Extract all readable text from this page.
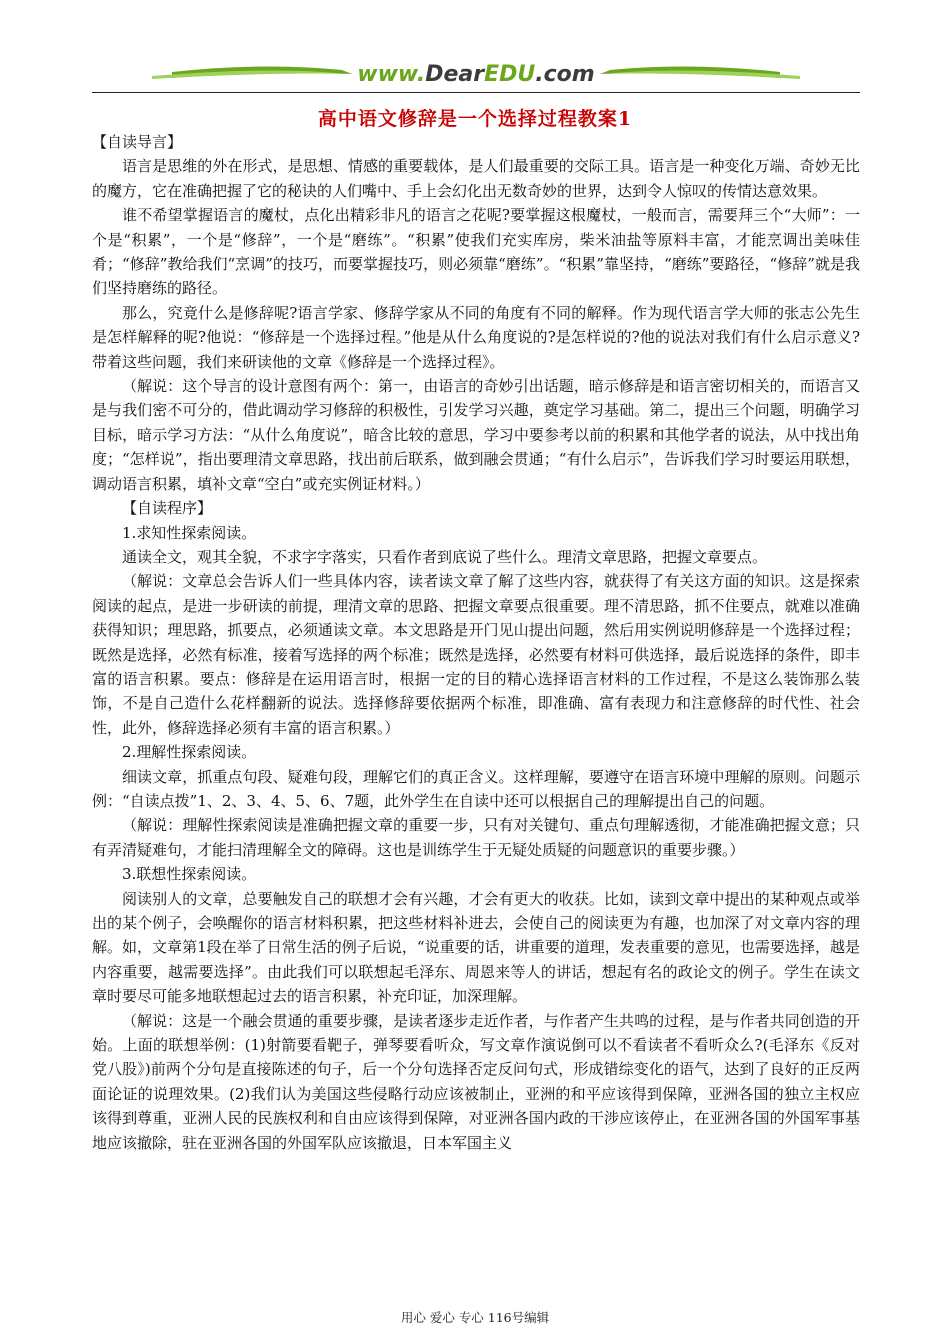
www.DearEDU.com
高中语文修辞是一个选择过程教案1

【自读导言】

语言是思维的外在形式，是思想、情感的重要载体，是人们最重要的交际工具。语言是一种变化万端、奇妙无比的魔方，它在准确把握了它的秘诀的人们嘴中、手上会幻化出无数奇妙的世界，达到令人惊叹的传情达意效果。

谁不希望掌握语言的魔杖，点化出精彩非凡的语言之花呢?要掌握这根魔杖，一般而言，需要拜三个“大师”：一个是“积累”，一个是“修辞”，一个是“磨练”。“积累”使我们充实库房，柴米油盐等原料丰富，才能烹调出美味佳肴；“修辞”教给我们“烹调”的技巧，而要掌握技巧，则必须靠“磨练”。“积累”靠坚持，“磨练”要路径，“修辞”就是我们坚持磨练的路径。

那么，究竟什么是修辞呢?语言学家、修辞学家从不同的角度有不同的解释。作为现代语言学大师的张志公先生是怎样解释的呢?他说：“修辞是一个选择过程。”他是从什么角度说的?是怎样说的?他的说法对我们有什么启示意义?带着这些问题，我们来研读他的文章《修辞是一个选择过程》。

（解说：这个导言的设计意图有两个：第一，由语言的奇妙引出话题，暗示修辞是和语言密切相关的，而语言又是与我们密不可分的，借此调动学习修辞的积极性，引发学习兴趣，奠定学习基础。第二，提出三个问题，明确学习目标，暗示学习方法：“从什么角度说”，暗含比较的意思，学习中要参考以前的积累和其他学者的说法，从中找出角度；“怎样说”，指出要理清文章思路，找出前后联系，做到融会贯通；“有什么启示”，告诉我们学习时要运用联想，调动语言积累，填补文章“空白”或充实例证材料。）

【自读程序】

1.求知性探索阅读。

通读全文，观其全貌，不求字字落实，只看作者到底说了些什么。理清文章思路，把握文章要点。

（解说：文章总会告诉人们一些具体内容，读者读文章了解了这些内容，就获得了有关这方面的知识。这是探索阅读的起点，是进一步研读的前提，理清文章的思路、把握文章要点很重要。理不清思路，抓不住要点，就难以准确获得知识；理思路，抓要点，必须通读文章。本文思路是开门见山提出问题，然后用实例说明修辞是一个选择过程；既然是选择，必然有标准，接着写选择的两个标准；既然是选择，必然要有材料可供选择，最后说选择的条件，即丰富的语言积累。要点：修辞是在运用语言时，根据一定的目的精心选择语言材料的工作过程，不是这么装饰那么装饰，不是自己造什么花样翻新的说法。选择修辞要依据两个标准，即准确、富有表现力和注意修辞的时代性、社会性，此外，修辞选择必须有丰富的语言积累。）

2.理解性探索阅读。

细读文章，抓重点句段、疑难句段，理解它们的真正含义。这样理解，要遵守在语言环境中理解的原则。问题示例：“自读点拨”1、2、3、4、5、6、7题，此外学生在自读中还可以根据自己的理解提出自己的问题。

（解说：理解性探索阅读是准确把握文章的重要一步，只有对关键句、重点句理解透彻，才能准确把握文意；只有弄清疑难句，才能扫清理解全文的障碍。这也是训练学生于无疑处质疑的问题意识的重要步骤。）

3.联想性探索阅读。

阅读别人的文章，总要触发自己的联想才会有兴趣，才会有更大的收获。比如，读到文章中提出的某种观点或举出的某个例子，会唤醒你的语言材料积累，把这些材料补进去，会使自己的阅读更为有趣，也加深了对文章内容的理解。如，文章第1段在举了日常生活的例子后说，“说重要的话，讲重要的道理，发表重要的意见，也需要选择，越是内容重要，越需要选择”。由此我们可以联想起毛泽东、周恩来等人的讲话，想起有名的政论文的例子。学生在读文章时要尽可能多地联想起过去的语言积累，补充印证，加深理解。

（解说：这是一个融会贯通的重要步骤，是读者逐步走近作者，与作者产生共鸣的过程，是与作者共同创造的开始。上面的联想举例：(1)射箭要看靶子，弹琴要看听众，写文章作演说倒可以不看读者不看听众么?(毛泽东《反对党八股》)前两个分句是直接陈述的句子，后一个分句选择否定反问句式，形成错综变化的语气，达到了良好的正反两面论证的说理效果。(2)我们认为美国这些侵略行动应该被制止，亚洲的和平应该得到保障，亚洲各国的独立主权应该得到尊重，亚洲人民的民族权利和自由应该得到保障，对亚洲各国内政的干涉应该停止，在亚洲各国的外国军事基地应该撤除，驻在亚洲各国的外国军队应该撤退，日本军国主义

用心 爱心 专心 116号编辑
